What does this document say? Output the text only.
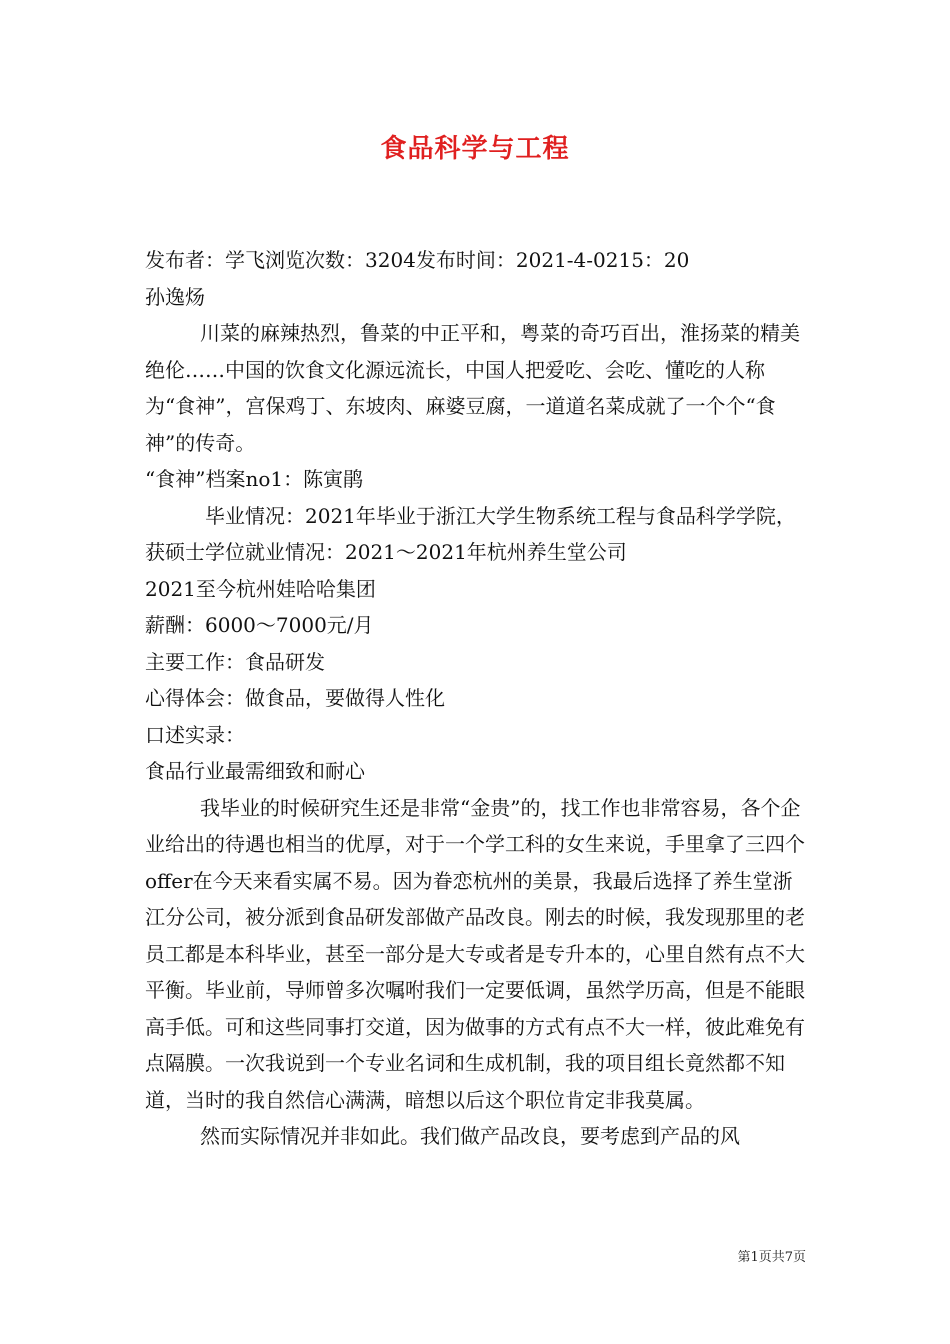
食品科学与工程

发布者：学飞浏览次数：3204发布时间：2021-4-0215：20

孙逸炀

川菜的麻辣热烈，鲁菜的中正平和，粤菜的奇巧百出，淮扬菜的精美绝伦……中国的饮食文化源远流长，中国人把爱吃、会吃、懂吃的人称为“食神”，宫保鸡丁、东坡肉、麻婆豆腐，一道道名菜成就了一个个“食神”的传奇。

“食神”档案no1：陈寅鹃

毕业情况：2021年毕业于浙江大学生物系统工程与食品科学学院，获硕士学位就业情况：2021～2021年杭州养生堂公司

2021至今杭州娃哈哈集团

薪酬：6000～7000元/月

主要工作：食品研发

心得体会：做食品，要做得人性化

口述实录：

食品行业最需细致和耐心

我毕业的时候研究生还是非常“金贵”的，找工作也非常容易，各个企业给出的待遇也相当的优厚，对于一个学工科的女生来说，手里拿了三四个offer在今天来看实属不易。因为眷恋杭州的美景，我最后选择了养生堂浙江分公司，被分派到食品研发部做产品改良。刚去的时候，我发现那里的老员工都是本科毕业，甚至一部分是大专或者是专升本的，心里自然有点不大平衡。毕业前，导师曾多次嘱咐我们一定要低调，虽然学历高，但是不能眼高手低。可和这些同事打交道，因为做事的方式有点不大一样，彼此难免有点隔膜。一次我说到一个专业名词和生成机制，我的项目组长竟然都不知道，当时的我自然信心满满，暗想以后这个职位肯定非我莫属。

然而实际情况并非如此。我们做产品改良，要考虑到产品的风

第1页共7页
